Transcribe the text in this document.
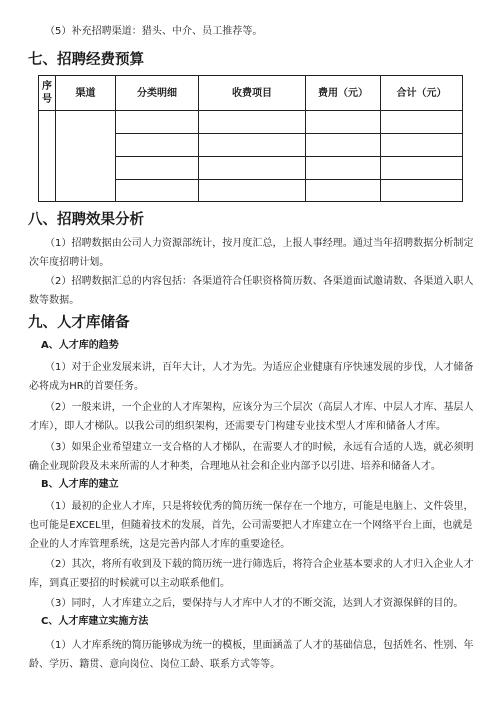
（5）补充招聘渠道：猎头、中介、员工推荐等。

七、招聘经费预算
序号	渠道	分类明细	收费项目	费用（元）	合计（元）

八、招聘效果分析

（1）招聘数据由公司人力资源部统计，按月度汇总，上报人事经理。通过当年招聘数据分析制定次年度招聘计划。

（2）招聘数据汇总的内容包括：各渠道符合任职资格简历数、各渠道面试邀请数、各渠道入职人数等数据。

九、人才库储备
A、人才库的趋势

（1）对于企业发展来讲，百年大计，人才为先。为适应企业健康有序快速发展的步伐，人才储备必将成为HR的首要任务。

（2）一般来讲，一个企业的人才库架构，应该分为三个层次（高层人才库、中层人才库、基层人才库），即人才梯队。以我公司的组织架构，还需要专门构建专业技术型人才库和储备人才库。

（3）如果企业希望建立一支合格的人才梯队，在需要人才的时候，永远有合适的人选，就必须明确企业现阶段及未来所需的人才种类，合理地从社会和企业内部予以引进、培养和储备人才。

B、人才库的建立

（1）最初的企业人才库，只是将较优秀的简历统一保存在一个地方，可能是电脑上、文件袋里，也可能是EXCEL里，但随着技术的发展，首先，公司需要把人才库建立在一个网络平台上面，也就是企业的人才库管理系统，这是完善内部人才库的重要途径。

（2）其次，将所有收到及下载的简历统一进行筛选后，将符合企业基本要求的人才归入企业人才库，到真正要招的时候就可以主动联系他们。

（3）同时，人才库建立之后，要保持与人才库中人才的不断交流，达到人才资源保鲜的目的。

C、人才库建立实施方法

（1）人才库系统的简历能够成为统一的模板，里面涵盖了人才的基础信息，包括姓名、性别、年龄、学历、籍贯、意向岗位、岗位工龄、联系方式等等。
